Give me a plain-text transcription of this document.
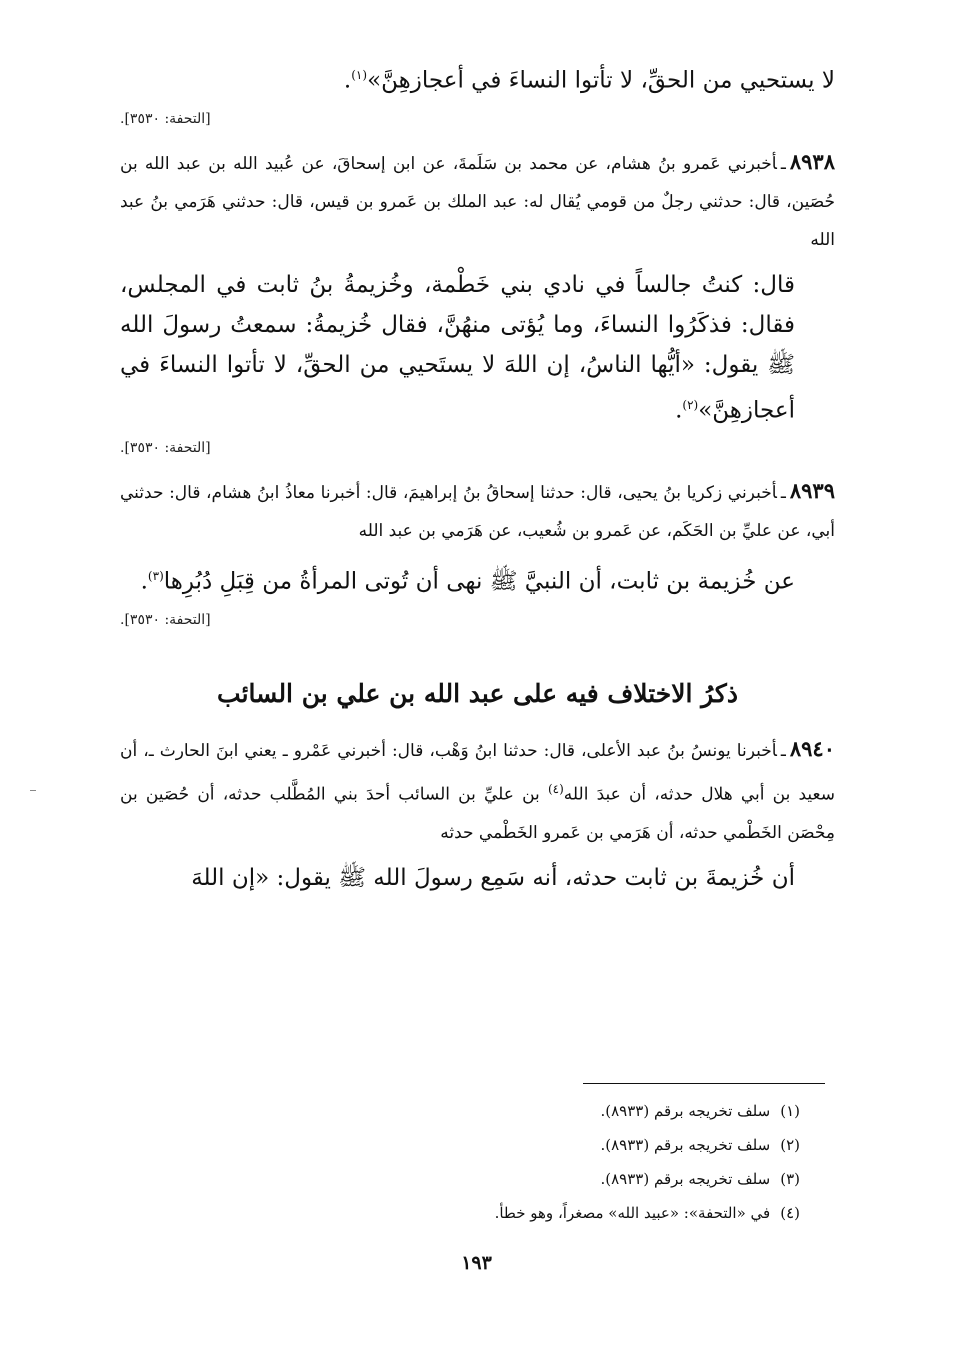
لا يستحيي من الحقِّ، لا تأتوا النساءَ في أعجازهِنَّ»$^{(١)}$.
[التحفة: ٣٥٣٠].
٨٩٣٨ـأخبرني عَمرو بنُ هشام، عن محمد بن سَلَمةَ، عن ابن إسحاقَ، عن عُبيد الله بن عبد الله بن حُصَين، قال: حدثني رجلٌ من قومي يُقال له: عبد الملك بن عَمرو بن قيس، قال: حدثني هَرَمي بنُ عبد الله
قال: كنتُ جالساً في نادي بني خَطْمة، وخُزيمةُ بنُ ثابت في المجلس، فقال: فذكَرُوا النساءَ، وما يُؤتى منهُنَّ، فقال خُزيمةُ: سمعتُ رسولَ الله ﷺ يقول: «أيُّها الناسُ، إن اللهَ لا يستَحيي من الحقِّ، لا تأتوا النساءَ في أعجازهِنَّ»$^{(٢)}$.
[التحفة: ٣٥٣٠].
٨٩٣٩ـأخبرني زكريا بنُ يحيى، قال: حدثنا إسحاقُ بنُ إبراهيمَ، قال: أخبرنا معاذُ ابنُ هشام، قال: حدثني أبي، عن عليِّ بن الحَكَم، عن عَمرو بن شُعيب، عن هَرَمي بن عبد الله
عن خُزيمة بن ثابت، أن النبيَّ ﷺ نهى أن تُوتى المرأةُ من قِبَلِ دُبُرِها$^{(٣)}$.
[التحفة: ٣٥٣٠].
ذكرُ الاختلاف فيه على عبد الله بن علي بن السائب
٨٩٤٠ـأخبرنا يونسُ بنُ عبد الأعلى، قال: حدثنا ابنُ وَهْب، قال: أخبرني عَمْرو ـ يعني ابنَ الحارث ـ، أن سعيد بن أبي هلال حدثه، أن عبدَ الله$^{(٤)}$ بن عليِّ بن السائب أحدَ بني المُطَّلب حدثه، أن حُصَين بن مِحْصَن الخَطْمي حدثه، أن هَرَمي بن عَمرو الخَطْمي حدثه
أن خُزيمةَ بن ثابت حدثه، أنه سَمِع رسولَ الله ﷺ يقول: «إن اللهَ
(١)سلف تخريجه برقم (٨٩٣٣).
(٢)سلف تخريجه برقم (٨٩٣٣).
(٣)سلف تخريجه برقم (٨٩٣٣).
(٤)في «التحفة»: «عبيد الله» مصغراً، وهو خطأ.
١٩٣
